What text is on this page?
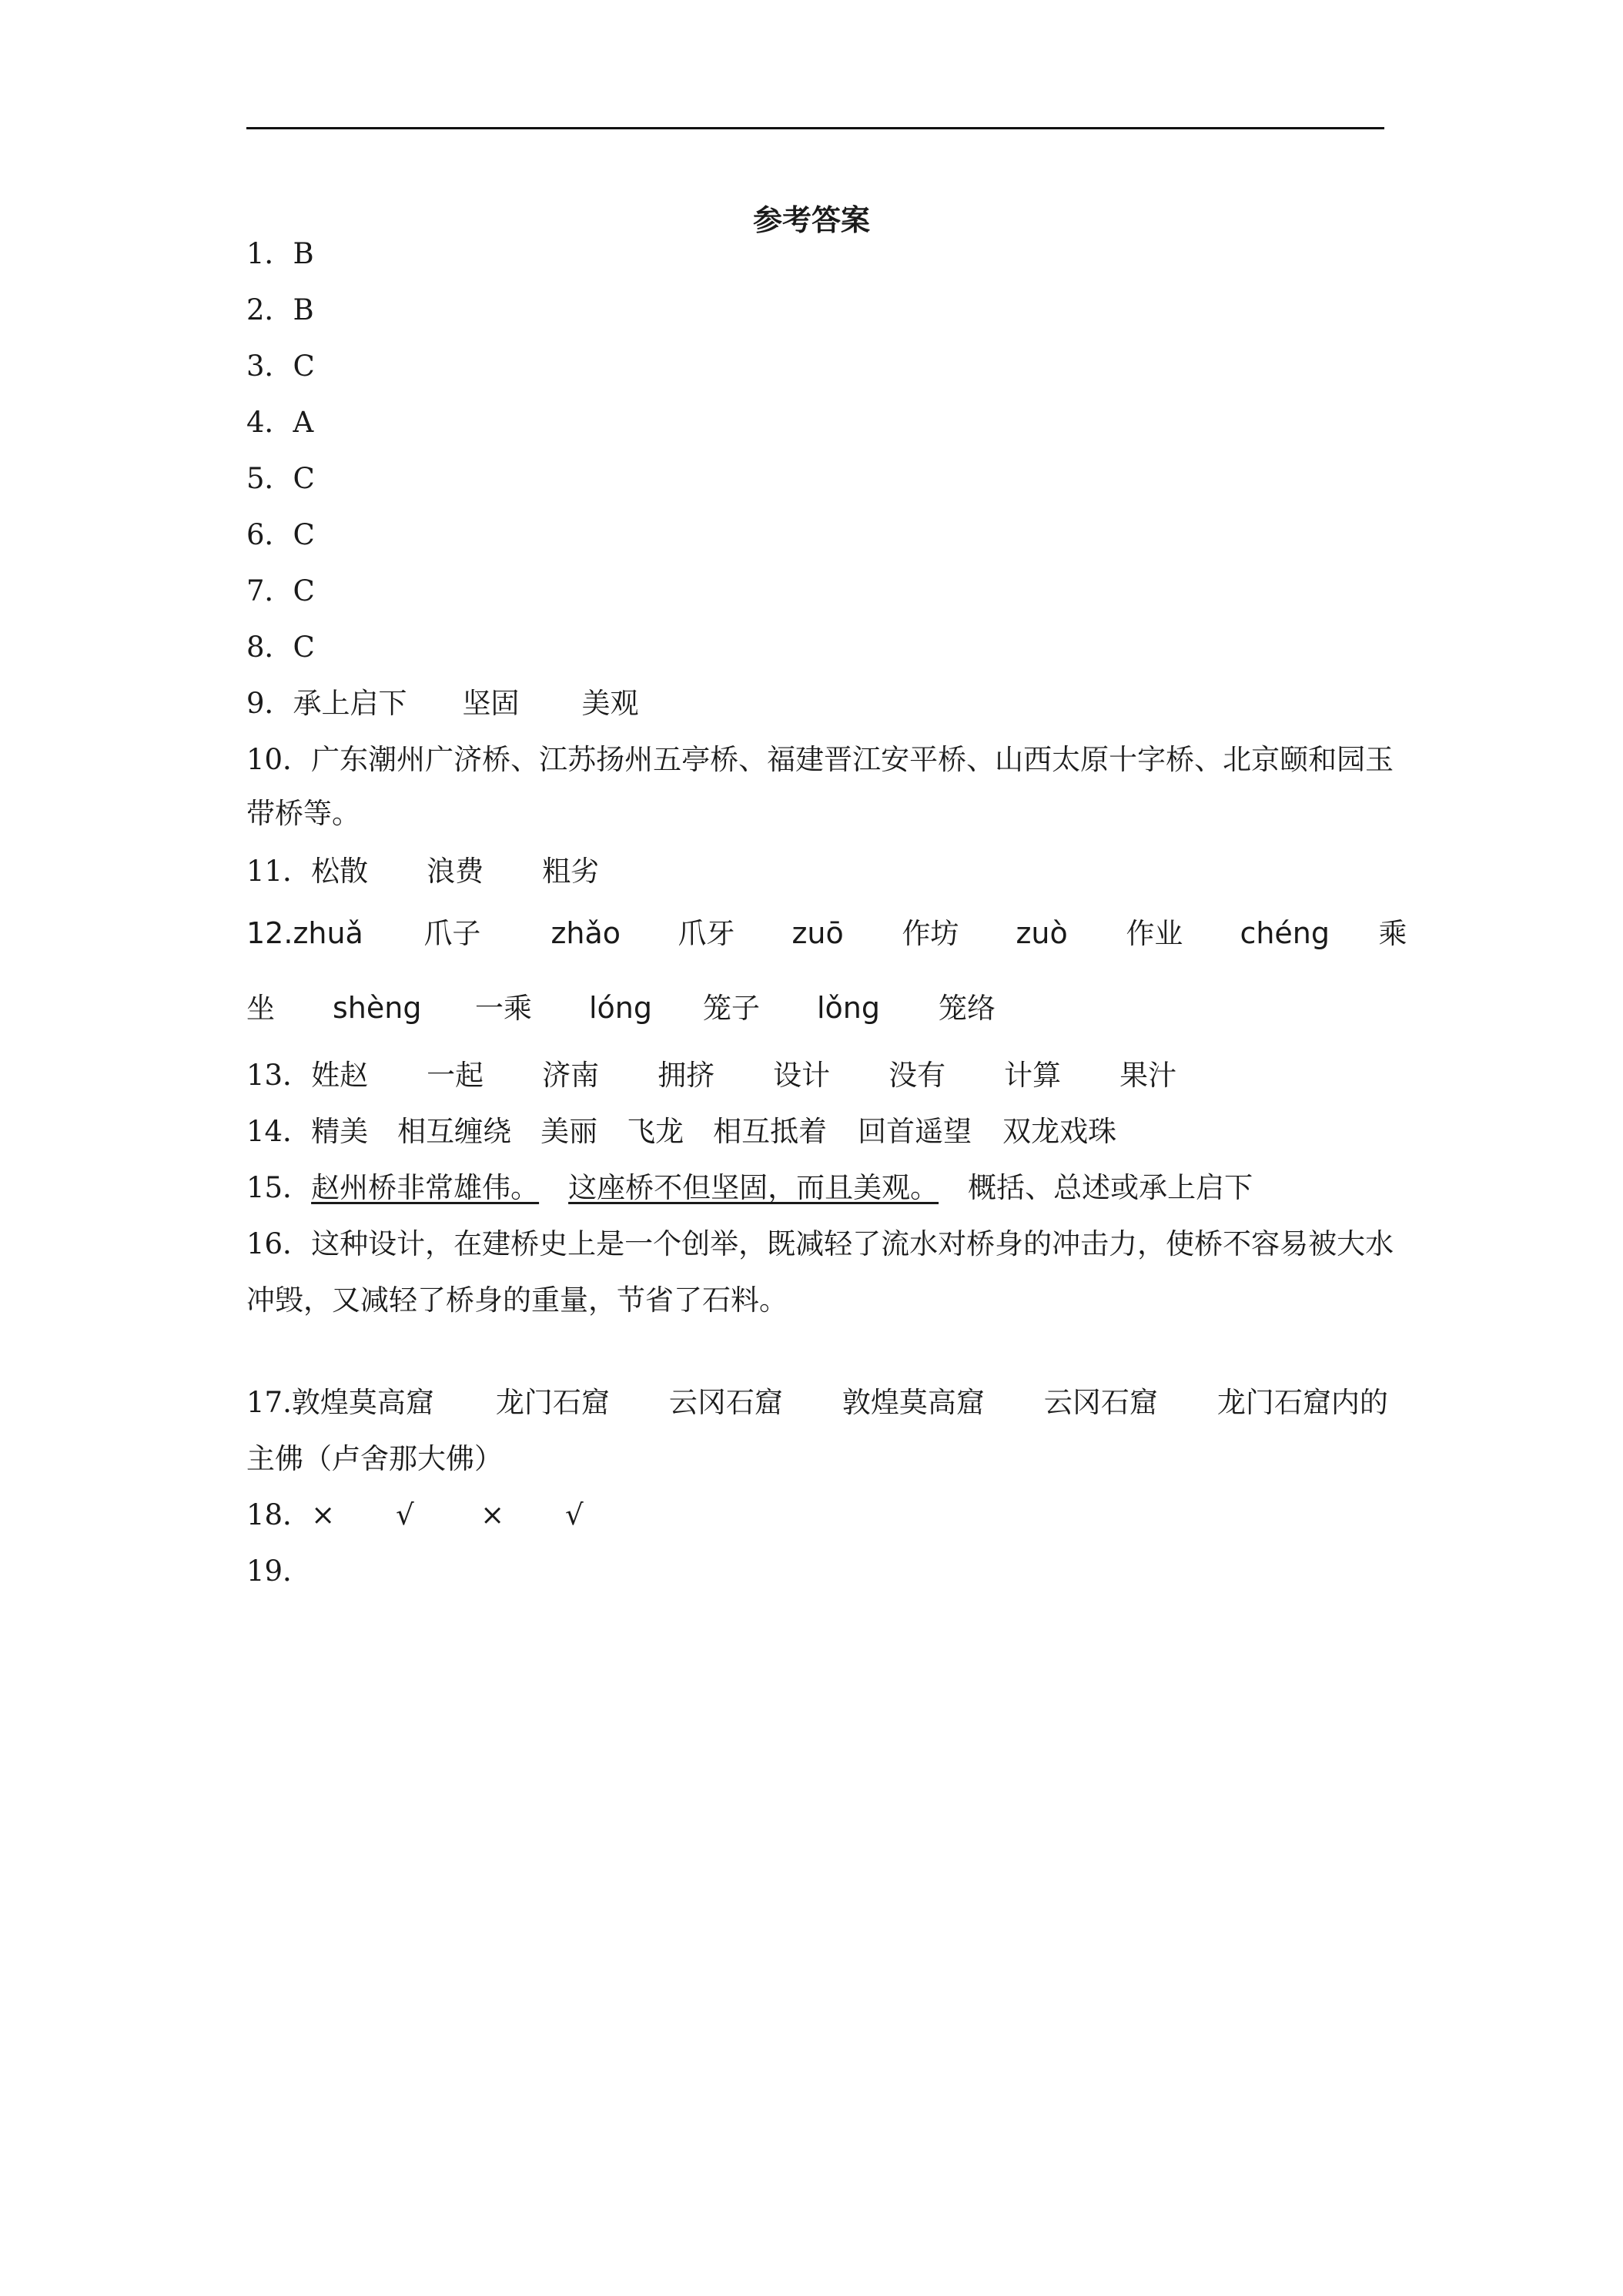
参考答案
1．B
2．B
3．C
4．A
5．C
6．C
7．C
8．C
9．承上启下 坚固 美观
10．广东潮州广济桥、江苏扬州五亭桥、福建晋江安平桥、山西太原十字桥、北京颐和园玉
带桥等。
11．松散 浪费 粗劣
12.zhuǎ 爪子 zhǎo 爪牙 zuō 作坊 zuò 作业 chéng 乘
坐 shèng 一乘 lóng 笼子 lǒng 笼络
13．姓赵 一起 济南 拥挤 设计 没有 计算 果汁
14．精美 相互缠绕 美丽 飞龙 相互抵着 回首遥望 双龙戏珠
15．赵州桥非常雄伟。 这座桥不但坚固，而且美观。 概括、总述或承上启下
16．这种设计，在建桥史上是一个创举，既减轻了流水对桥身的冲击力，使桥不容易被大水
冲毁，又减轻了桥身的重量，节省了石料。
17.敦煌莫高窟 龙门石窟 云冈石窟 敦煌莫高窟 云冈石窟 龙门石窟内的
主佛（卢舍那大佛）
18．× √ × √
19．
